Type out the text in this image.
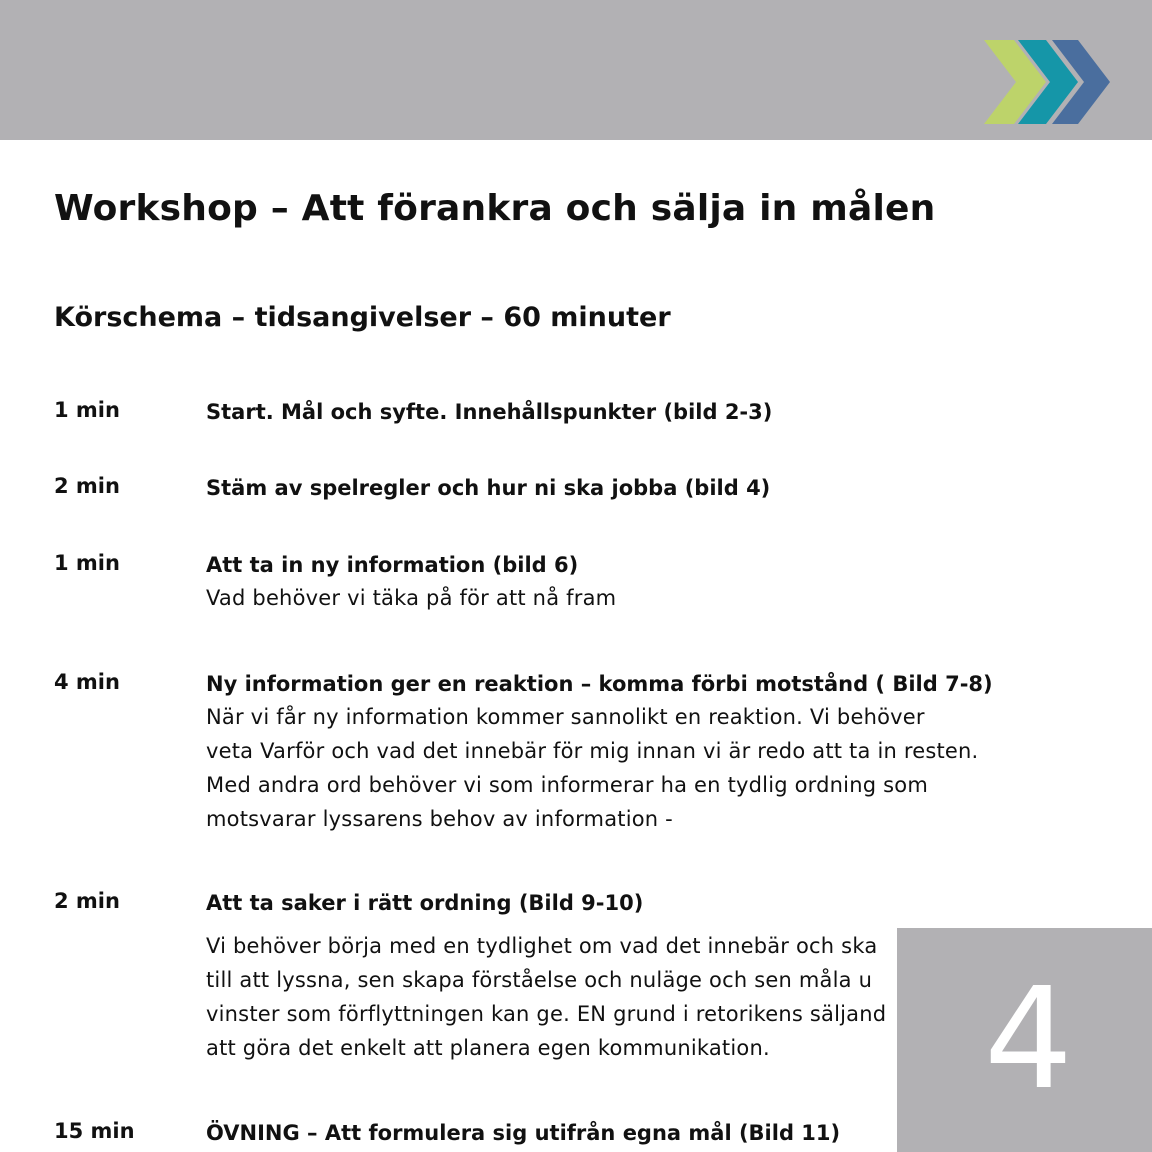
Workshop – Att förankra och sälja in målen
Körschema – tidsangivelser – 60 minuter
1 min	Start. Mål och syfte. Innehållspunkter (bild 2-3)
2 min	Stäm av spelregler och hur ni ska jobba (bild 4)
1 min	Att ta in ny information (bild 6)
Vad behöver vi täka på för att nå fram
4 min	Ny information ger en reaktion – komma förbi motstånd ( Bild 7-8)
När vi får ny information kommer sannolikt en reaktion. Vi behöver
veta Varför och vad det innebär för mig innan vi är redo att ta in resten.
Med andra ord behöver vi som informerar ha en tydlig ordning som
motsvarar lyssarens behov av information -
2 min	Att ta saker i rätt ordning (Bild 9-10)
Vi behöver börja med en tydlighet om vad det innebär och ska
till att lyssna, sen skapa förståelse och nuläge och sen måla u
vinster som förflyttningen kan ge. EN grund i retorikens säljand
att göra det enkelt att planera egen kommunikation.
15 min	ÖVNING – Att formulera sig utifrån egna mål (Bild 11)
4
